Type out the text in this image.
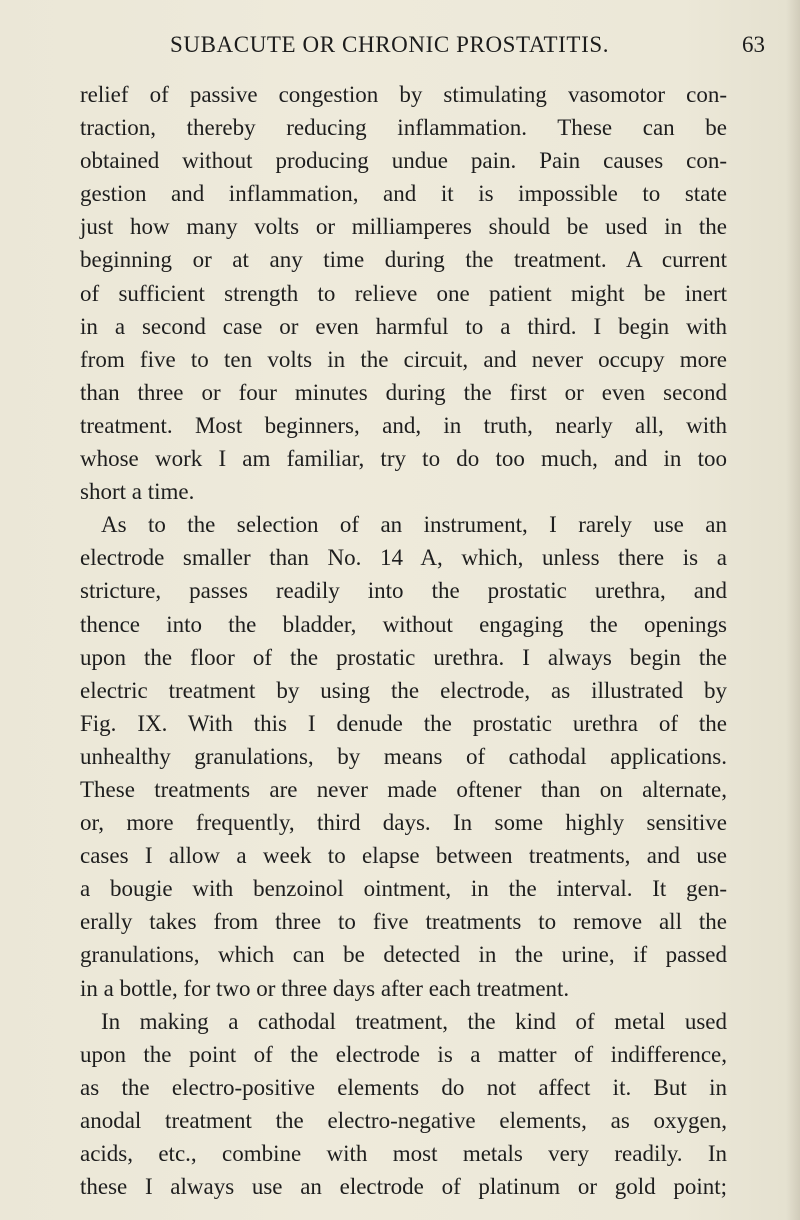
SUBACUTE OR CHRONIC PROSTATITIS.	63
relief of passive congestion by stimulating vasomotor con-
traction, thereby reducing inflammation. These can be
obtained without producing undue pain. Pain causes con-
gestion and inflammation, and it is impossible to state
just how many volts or milliamperes should be used in the
beginning or at any time during the treatment. A current
of sufficient strength to relieve one patient might be inert
in a second case or even harmful to a third. I begin with
from five to ten volts in the circuit, and never occupy more
than three or four minutes during the first or even second
treatment. Most beginners, and, in truth, nearly all, with
whose work I am familiar, try to do too much, and in too
short a time.
As to the selection of an instrument, I rarely use an
electrode smaller than No. 14 A, which, unless there is a
stricture, passes readily into the prostatic urethra, and
thence into the bladder, without engaging the openings
upon the floor of the prostatic urethra. I always begin the
electric treatment by using the electrode, as illustrated by
Fig. IX. With this I denude the prostatic urethra of the
unhealthy granulations, by means of cathodal applications.
These treatments are never made oftener than on alternate,
or, more frequently, third days. In some highly sensitive
cases I allow a week to elapse between treatments, and use
a bougie with benzoinol ointment, in the interval. It gen-
erally takes from three to five treatments to remove all the
granulations, which can be detected in the urine, if passed
in a bottle, for two or three days after each treatment.
In making a cathodal treatment, the kind of metal used
upon the point of the electrode is a matter of indifference,
as the electro-positive elements do not affect it. But in
anodal treatment the electro-negative elements, as oxygen,
acids, etc., combine with most metals very readily. In
these I always use an electrode of platinum or gold point;
